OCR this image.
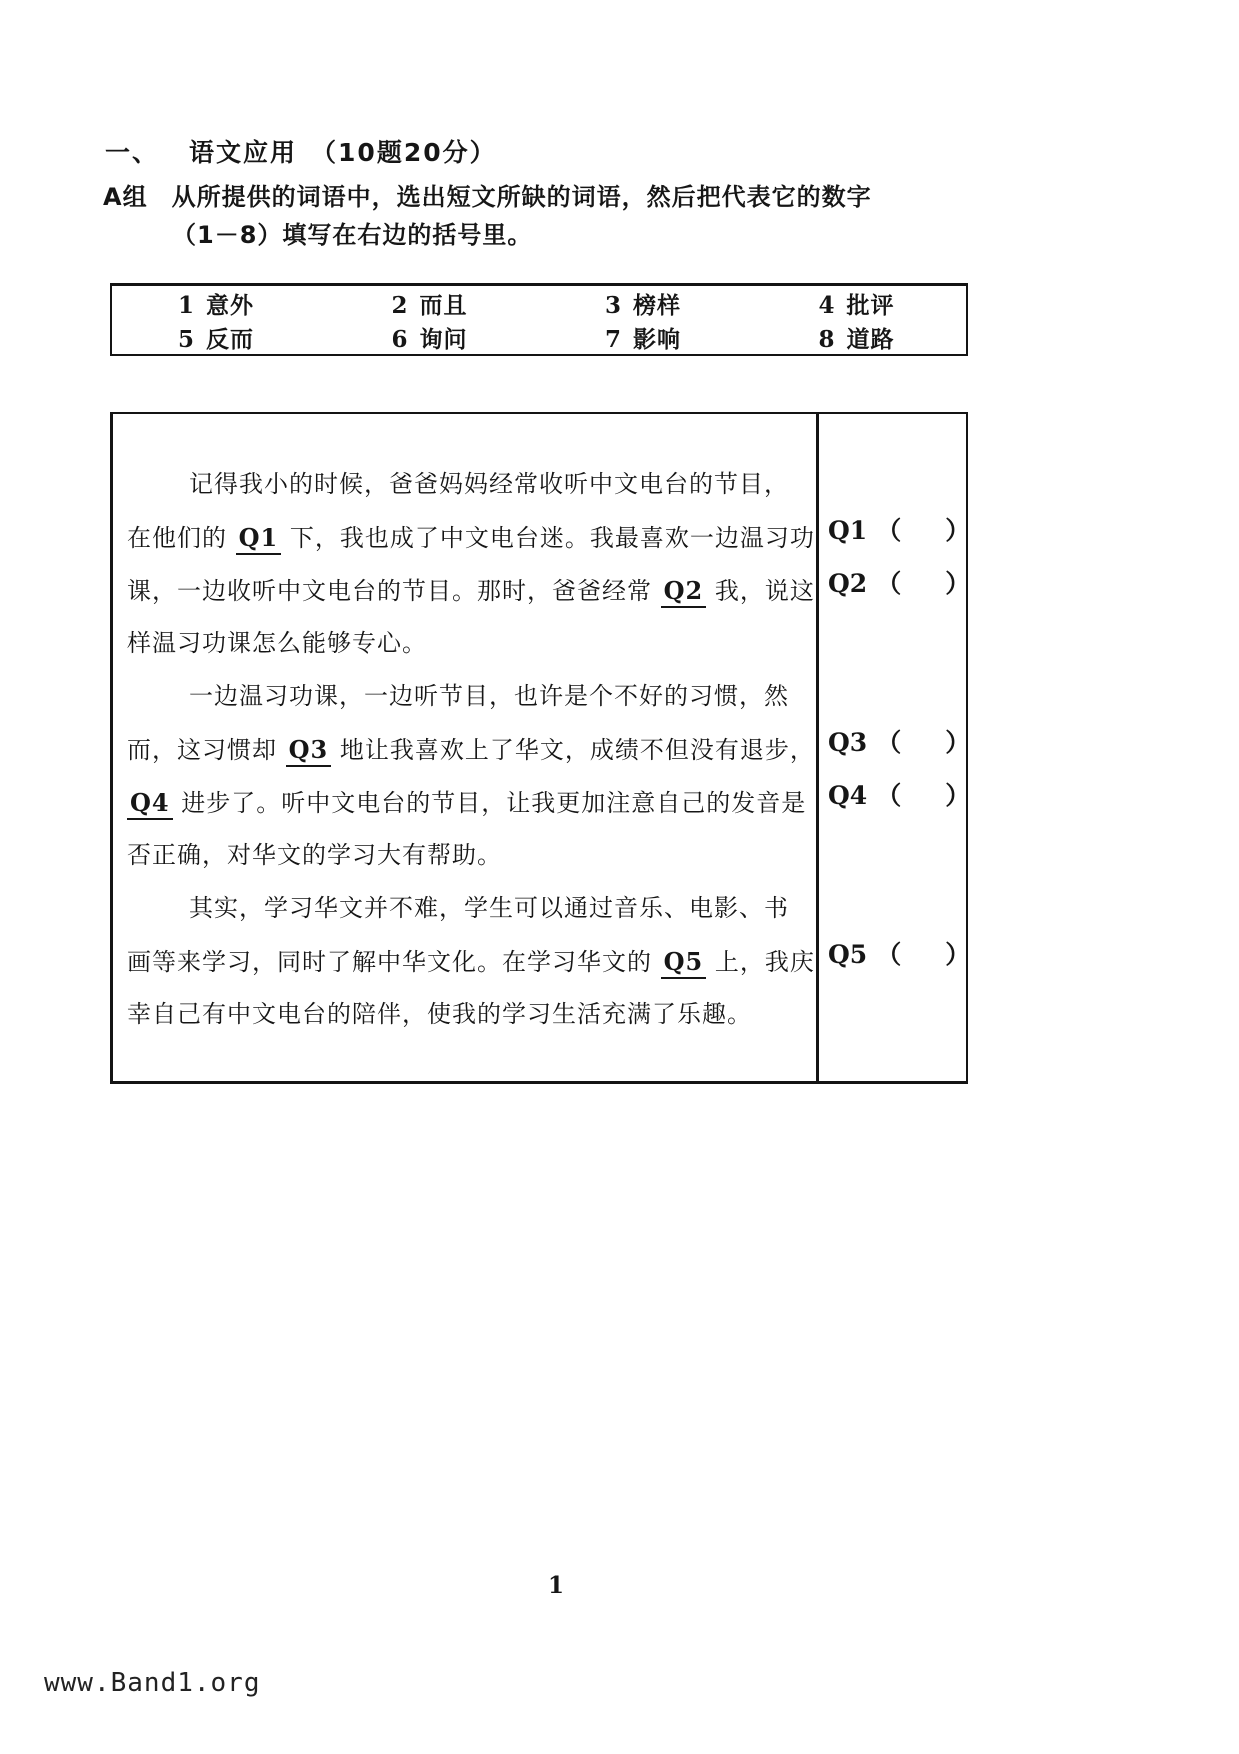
一、 语文应用 （10题20分）
A组 从所提供的词语中，选出短文所缺的词语，然后把代表它的数字
（1－8）填写在右边的括号里。
1 意外	2 而且	3 榜样	4 批评
5 反而	6 询问	7 影响	8 道路
记得我小的时候，爸爸妈妈经常收听中文电台的节目，
在他们的 Q1 下，我也成了中文电台迷。我最喜欢一边温习功
课，一边收听中文电台的节目。那时，爸爸经常 Q2 我，说这
样温习功课怎么能够专心。
一边温习功课，一边听节目，也许是个不好的习惯，然
而，这习惯却 Q3 地让我喜欢上了华文，成绩不但没有退步，
Q4 进步了。听中文电台的节目，让我更加注意自己的发音是
否正确，对华文的学习大有帮助。
其实，学习华文并不难，学生可以通过音乐、电影、书
画等来学习，同时了解中华文化。在学习华文的 Q5 上，我庆
幸自己有中文电台的陪伴，使我的学习生活充满了乐趣。
Q1 （ ）
Q2 （ ）
Q3 （ ）
Q4 （ ）
Q5 （ ）
1
www.Band1.org
